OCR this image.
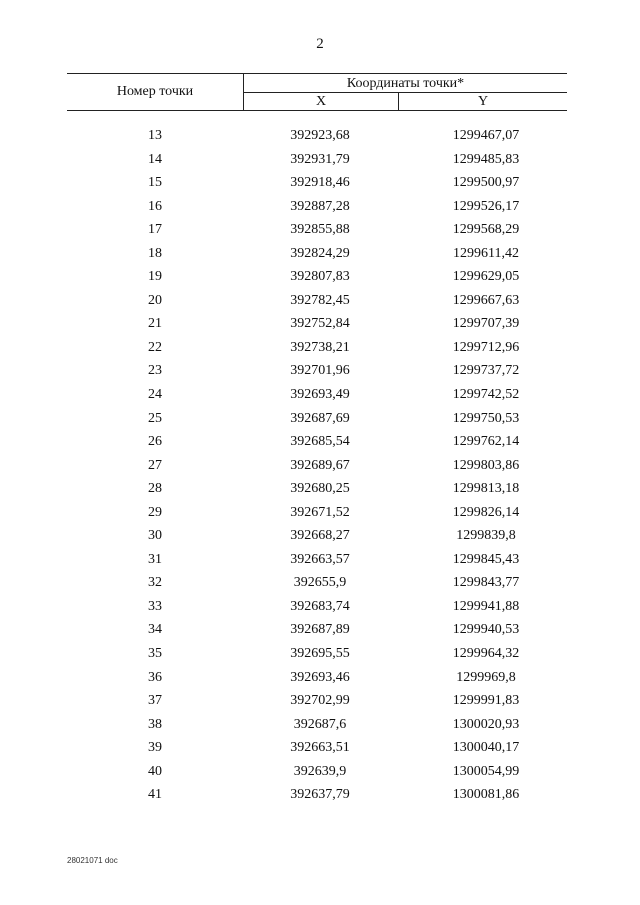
2
Номер точки
Координаты точки*
X	Y
13	392923,68	1299467,07
14	392931,79	1299485,83
15	392918,46	1299500,97
16	392887,28	1299526,17
17	392855,88	1299568,29
18	392824,29	1299611,42
19	392807,83	1299629,05
20	392782,45	1299667,63
21	392752,84	1299707,39
22	392738,21	1299712,96
23	392701,96	1299737,72
24	392693,49	1299742,52
25	392687,69	1299750,53
26	392685,54	1299762,14
27	392689,67	1299803,86
28	392680,25	1299813,18
29	392671,52	1299826,14
30	392668,27	1299839,8
31	392663,57	1299845,43
32	392655,9	1299843,77
33	392683,74	1299941,88
34	392687,89	1299940,53
35	392695,55	1299964,32
36	392693,46	1299969,8
37	392702,99	1299991,83
38	392687,6	1300020,93
39	392663,51	1300040,17
40	392639,9	1300054,99
41	392637,79	1300081,86
28021071 doc
